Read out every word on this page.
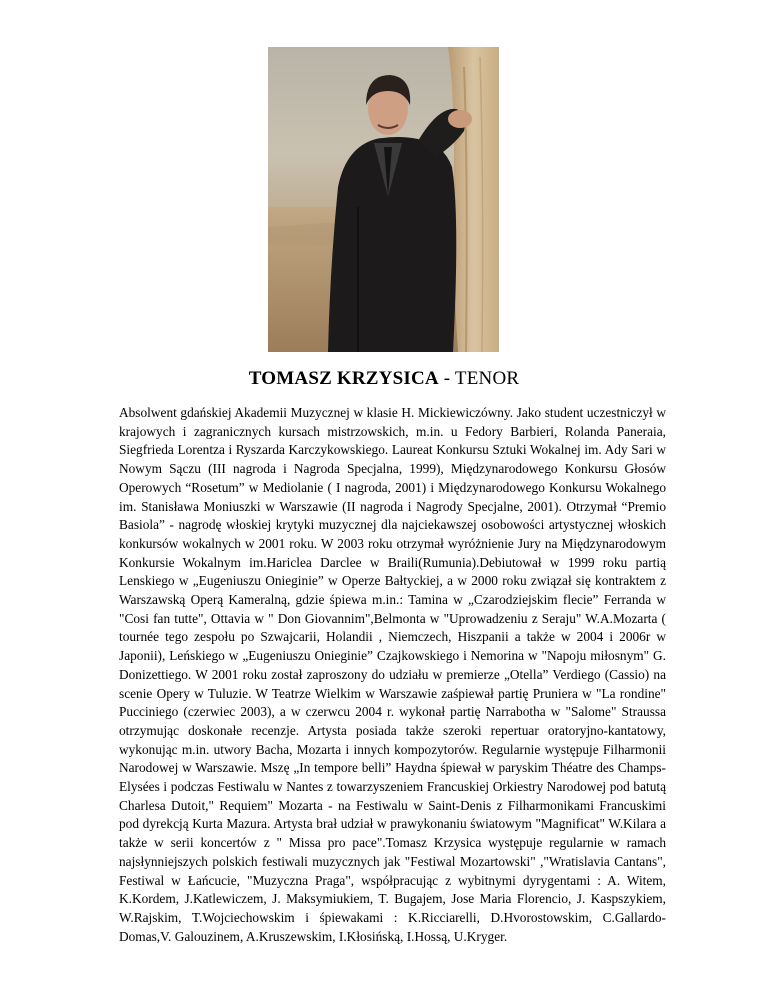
TOMASZ KRZYSICA - TENOR

Absolwent gdańskiej Akademii Muzycznej w klasie H. Mickiewiczówny. Jako student uczestniczył w krajowych i zagranicznych kursach mistrzowskich, m.in. u Fedory Barbieri, Rolanda Paneraia, Siegfrieda Lorentza i Ryszarda Karczykowskiego. Laureat Konkursu Sztuki Wokalnej im. Ady Sari w Nowym Sączu (III nagroda i Nagroda Specjalna, 1999), Międzynarodowego Konkursu Głosów Operowych “Rosetum” w Mediolanie ( I nagroda, 2001) i Międzynarodowego Konkursu Wokalnego im. Stanisława Moniuszki w Warszawie (II nagroda i Nagrody Specjalne, 2001). Otrzymał “Premio Basiola” - nagrodę włoskiej krytyki muzycznej dla najciekawszej osobowości artystycznej włoskich konkursów wokalnych w 2001 roku. W 2003 roku otrzymał wyróżnienie Jury na Międzynarodowym Konkursie Wokalnym im.Hariclea Darclee w Braili(Rumunia).Debiutował w 1999 roku partią Lenskiego w „Eugeniuszu Onieginie” w Operze Bałtyckiej, a w 2000 roku związał się kontraktem z Warszawską Operą Kameralną, gdzie śpiewa m.in.: Tamina w „Czarodziejskim flecie” Ferranda w "Cosi fan tutte", Ottavia w " Don Giovannim",Belmonta w "Uprowadzeniu z Seraju" W.A.Mozarta ( tournée tego zespołu po Szwajcarii, Holandii , Niemczech, Hiszpanii a także w 2004 i 2006r w Japonii), Leńskiego w „Eugeniuszu Onieginie” Czajkowskiego i Nemorina w "Napoju miłosnym" G. Donizettiego. W 2001 roku został zaproszony do udziału w premierze „Otella” Verdiego (Cassio) na scenie Opery w Tuluzie. W Teatrze Wielkim w Warszawie zaśpiewał partię Pruniera w "La rondine" Pucciniego (czerwiec 2003), a w czerwcu 2004 r. wykonał partię Narrabotha w "Salome" Straussa otrzymując doskonałe recenzje. Artysta posiada także szeroki repertuar oratoryjno-kantatowy, wykonując m.in. utwory Bacha, Mozarta i innych kompozytorów. Regularnie występuje Filharmonii Narodowej w Warszawie. Mszę „In tempore belli” Haydna śpiewał w paryskim Théatre des Champs-Elysées i podczas Festiwalu w Nantes z towarzyszeniem Francuskiej Orkiestry Narodowej pod batutą Charlesa Dutoit," Requiem" Mozarta - na Festiwalu w Saint-Denis z Filharmonikami Francuskimi pod dyrekcją Kurta Mazura. Artysta brał udział w prawykonaniu światowym "Magnificat" W.Kilara a także w serii koncertów z " Missa pro pace".Tomasz Krzysica występuje regularnie w ramach najsłynniejszych polskich festiwali muzycznych jak "Festiwal Mozartowski" ,"Wratislavia Cantans", Festiwal w Łańcucie, "Muzyczna Praga", współpracując z wybitnymi dyrygentami : A. Witem, K.Kordem, J.Katlewiczem, J. Maksymiukiem, T. Bugajem, Jose Maria Florencio, J. Kaspszykiem, W.Rajskim, T.Wojciechowskim i śpiewakami : K.Ricciarelli, D.Hvorostowskim, C.Gallardo-Domas,V. Galouzinem, A.Kruszewskim, I.Kłosińską, I.Hossą, U.Kryger.
